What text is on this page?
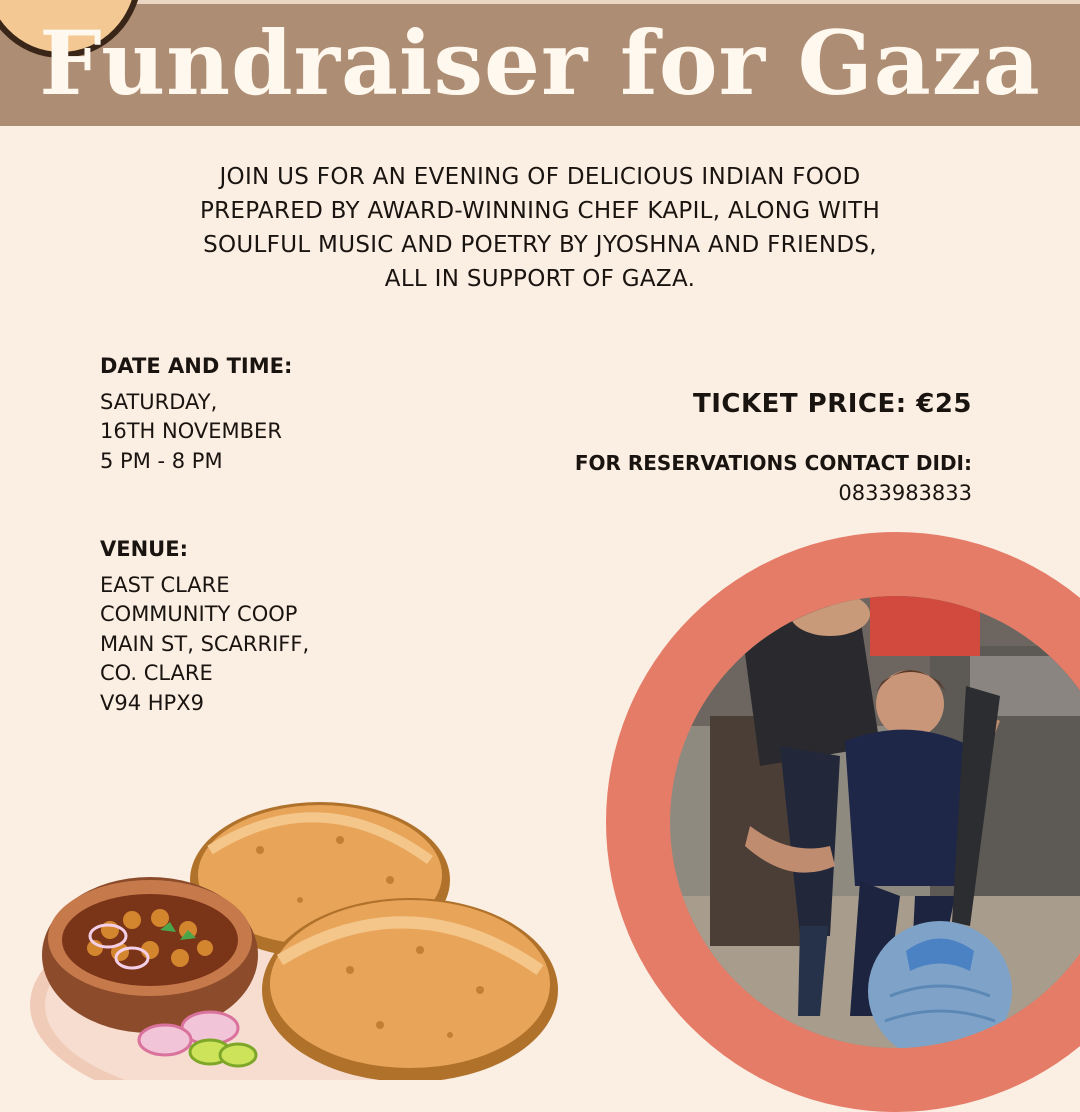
Fundraiser for Gaza
JOIN US FOR AN EVENING OF DELICIOUS INDIAN FOOD
PREPARED BY AWARD-WINNING CHEF KAPIL, ALONG WITH
SOULFUL MUSIC AND POETRY BY JYOSHNA AND FRIENDS,
ALL IN SUPPORT OF GAZA.
DATE AND TIME:
SATURDAY,
16TH NOVEMBER
5 PM - 8 PM
VENUE:
EAST CLARE
COMMUNITY COOP
MAIN ST, SCARRIFF,
CO. CLARE
V94 HPX9
TICKET PRICE: €25
FOR RESERVATIONS CONTACT DIDI:
0833983833
